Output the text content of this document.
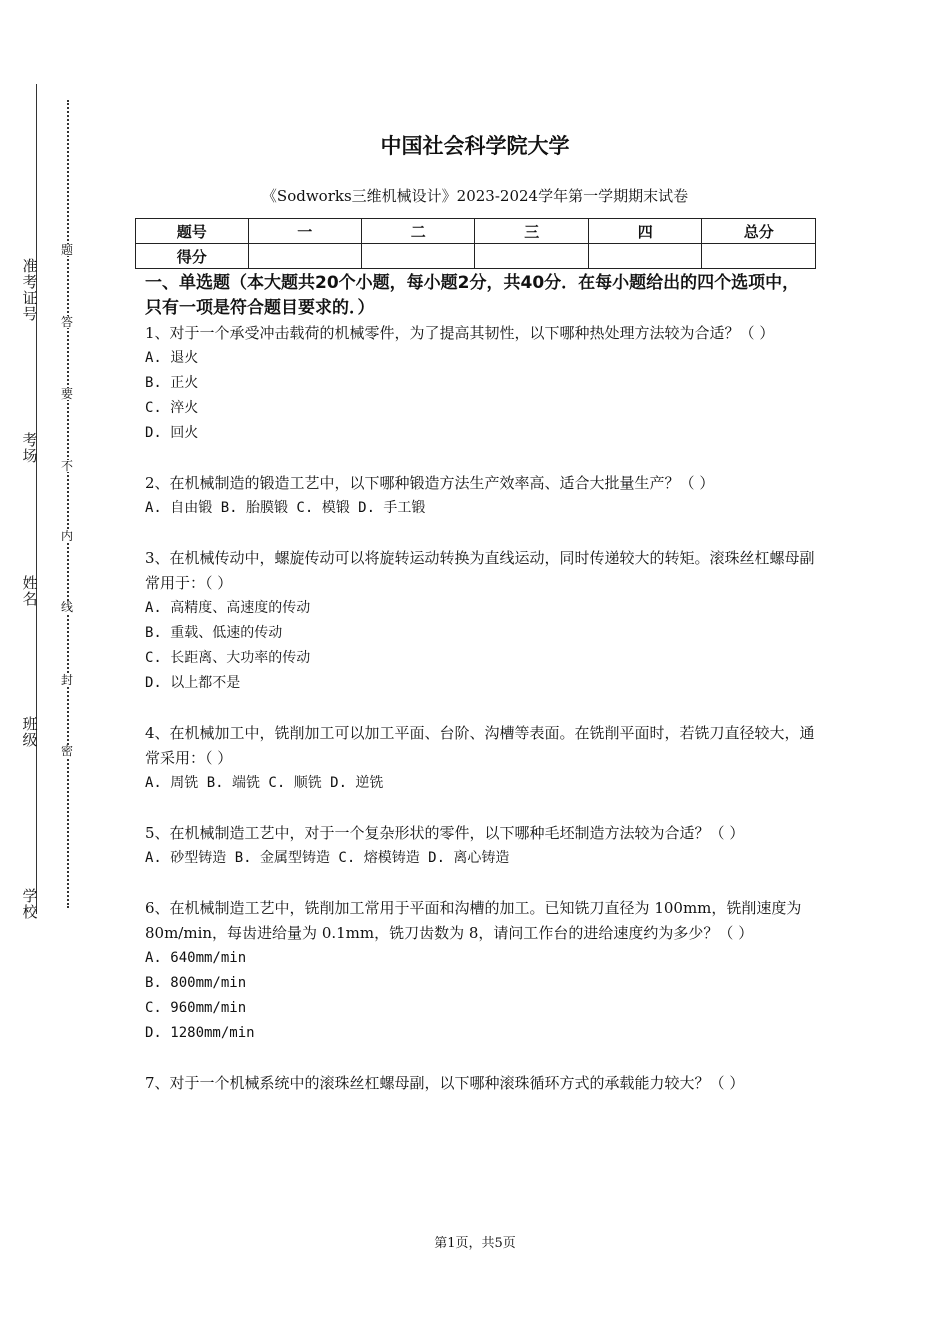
准考证号
考场
姓名
班级
学校
题
答
要
不
内
线
封
密
中国社会科学院大学
《Sodworks三维机械设计》2023-2024学年第一学期期末试卷
题号	一	二	三	四	总分
得分					
一、单选题（本大题共20个小题，每小题2分，共40分．在每小题给出的四个选项中，只有一项是符合题目要求的．）

1、对于一个承受冲击载荷的机械零件，为了提高其韧性，以下哪种热处理方法较为合适？（ ）

A. 退火

B. 正火

C. 淬火

D. 回火

2、在机械制造的锻造工艺中，以下哪种锻造方法生产效率高、适合大批量生产？（ ）

A. 自由锻 B. 胎膜锻 C. 模锻 D. 手工锻

3、在机械传动中，螺旋传动可以将旋转运动转换为直线运动，同时传递较大的转矩。滚珠丝杠螺母副常用于：（ ）

A. 高精度、高速度的传动

B. 重载、低速的传动

C. 长距离、大功率的传动

D. 以上都不是

4、在机械加工中，铣削加工可以加工平面、台阶、沟槽等表面。在铣削平面时，若铣刀直径较大，通常采用：（ ）

A. 周铣 B. 端铣 C. 顺铣 D. 逆铣

5、在机械制造工艺中，对于一个复杂形状的零件，以下哪种毛坯制造方法较为合适？（ ）

A. 砂型铸造 B. 金属型铸造 C. 熔模铸造 D. 离心铸造

6、在机械制造工艺中，铣削加工常用于平面和沟槽的加工。已知铣刀直径为 100mm，铣削速度为 80m/min，每齿进给量为 0.1mm，铣刀齿数为 8，请问工作台的进给速度约为多少？（ ）

A. 640mm/min

B. 800mm/min

C. 960mm/min

D. 1280mm/min

7、对于一个机械系统中的滚珠丝杠螺母副，以下哪种滚珠循环方式的承载能力较大？（ ）

第1页，共5页
